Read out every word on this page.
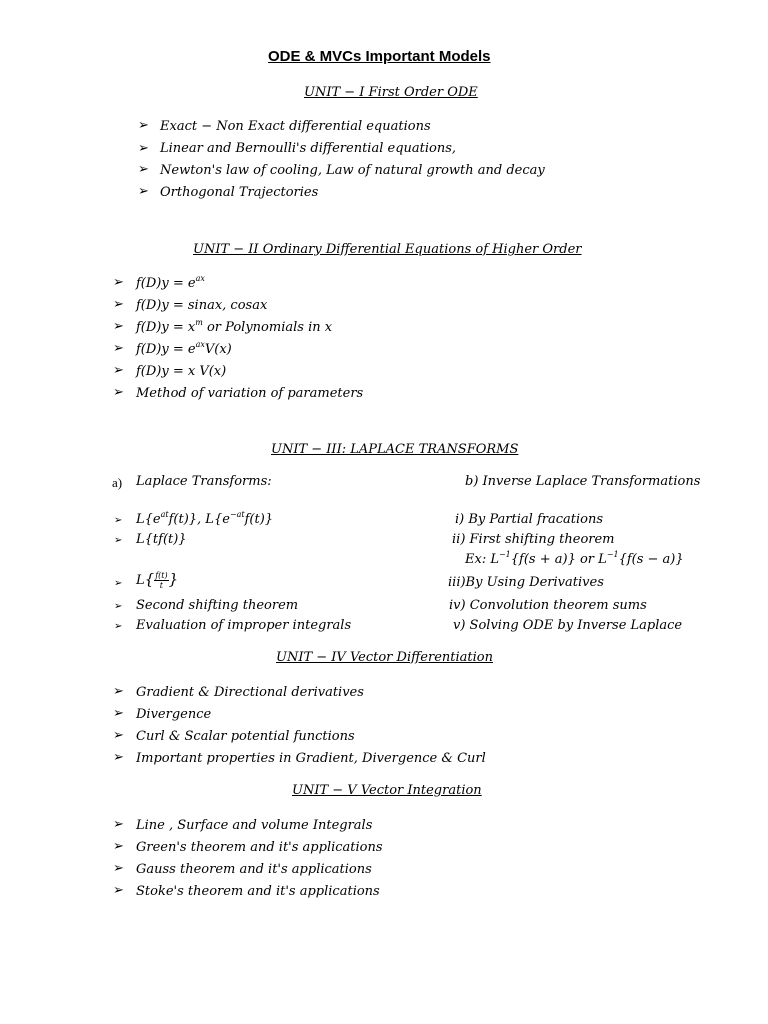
ODE & MVCs Important Models
UNIT − I First Order ODE
➢ Exact − Non Exact differential equations
➢ Linear and Bernoulli's differential equations,
➢ Newton's law of cooling, Law of natural growth and decay
➢ Orthogonal Trajectories
UNIT − II Ordinary Differential Equations of Higher Order
➢ $f(D)y = e^{ax}$
➢ f(D)y = sinax, cosax
➢ $f(D)y = x^m$ or Polynomials in x
➢ $f(D)y = e^{ax}V(x)$
➢ f(D)y = x V(x)
➢ Method of variation of parameters
UNIT − III: LAPLACE TRANSFORMS
a) Laplace Transforms:	b) Inverse Laplace Transformations
➢ $L\{e^{at}f(t)\}$, $L\{e^{-at}f(t)\}$
➢ L{tf(t)}
➢ $L\{ \frac{f(t)}{t}$ }
➢ Second shifting theorem
➢ Evaluation of improper integrals
i) By Partial fracations
ii) First shifting theorem
Ex: $L^{-1}\{f(s + a)\}$ or $L^{-1}\{f(s - a)\}$
iii)By Using Derivatives
iv) Convolution theorem sums
v) Solving ODE by Inverse Laplace
UNIT − IV Vector Differentiation
➢ Gradient & Directional derivatives
➢ Divergence
➢ Curl & Scalar potential functions
➢ Important properties in Gradient, Divergence & Curl
UNIT − V Vector Integration
➢ Line , Surface and volume Integrals
➢ Green's theorem and it's applications
➢ Gauss theorem and it's applications
➢ Stoke's theorem and it's applications
